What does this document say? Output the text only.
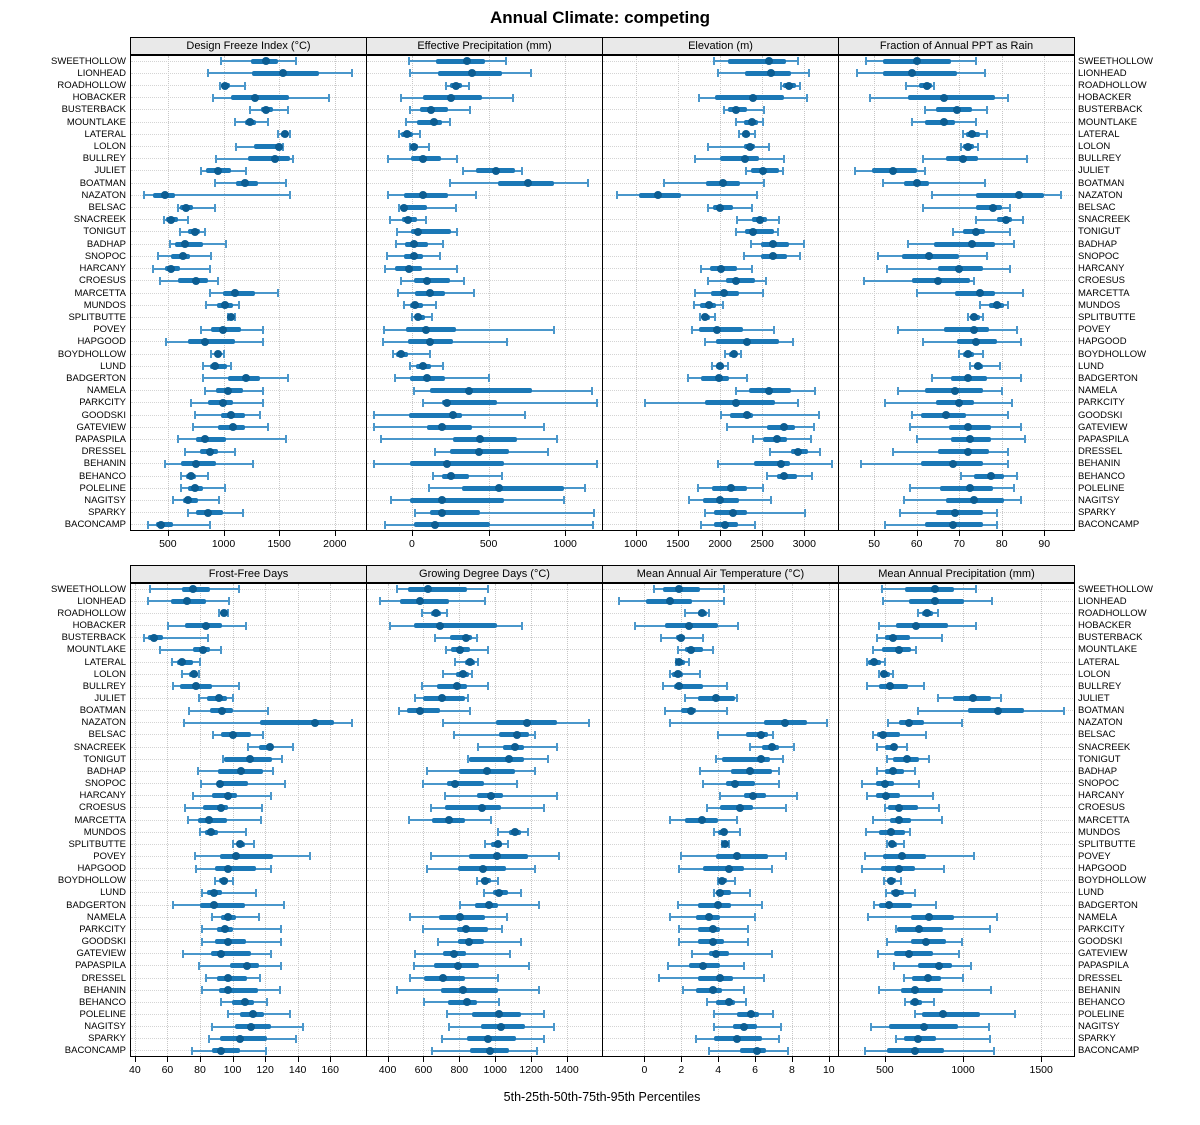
Annual Climate: competing
SWEETHOLLOW	SWEETHOLLOW
LIONHEAD	LIONHEAD
ROADHOLLOW	ROADHOLLOW
HOBACKER	HOBACKER
BUSTERBACK	BUSTERBACK
MOUNTLAKE	MOUNTLAKE
LATERAL	LATERAL
LOLON	LOLON
BULLREY	BULLREY
JULIET	JULIET
BOATMAN	BOATMAN
NAZATON	NAZATON
BELSAC	BELSAC
SNACREEK	SNACREEK
TONIGUT	TONIGUT
BADHAP	BADHAP
SNOPOC	SNOPOC
HARCANY	HARCANY
CROESUS	CROESUS
MARCETTA	MARCETTA
MUNDOS	MUNDOS
SPLITBUTTE	SPLITBUTTE
POVEY	POVEY
HAPGOOD	HAPGOOD
BOYDHOLLOW	BOYDHOLLOW
LUND	LUND
BADGERTON	BADGERTON
NAMELA	NAMELA
PARKCITY	PARKCITY
GOODSKI	GOODSKI
GATEVIEW	GATEVIEW
PAPASPILA	PAPASPILA
DRESSEL	DRESSEL
BEHANIN	BEHANIN
BEHANCO	BEHANCO
POLELINE	POLELINE
NAGITSY	NAGITSY
SPARKY	SPARKY
BACONCAMP	BACONCAMP
SWEETHOLLOW	SWEETHOLLOW
LIONHEAD	LIONHEAD
ROADHOLLOW	ROADHOLLOW
HOBACKER	HOBACKER
BUSTERBACK	BUSTERBACK
MOUNTLAKE	MOUNTLAKE
LATERAL	LATERAL
LOLON	LOLON
BULLREY	BULLREY
JULIET	JULIET
BOATMAN	BOATMAN
NAZATON	NAZATON
BELSAC	BELSAC
SNACREEK	SNACREEK
TONIGUT	TONIGUT
BADHAP	BADHAP
SNOPOC	SNOPOC
HARCANY	HARCANY
CROESUS	CROESUS
MARCETTA	MARCETTA
MUNDOS	MUNDOS
SPLITBUTTE	SPLITBUTTE
POVEY	POVEY
HAPGOOD	HAPGOOD
BOYDHOLLOW	BOYDHOLLOW
LUND	LUND
BADGERTON	BADGERTON
NAMELA	NAMELA
PARKCITY	PARKCITY
GOODSKI	GOODSKI
GATEVIEW	GATEVIEW
PAPASPILA	PAPASPILA
DRESSEL	DRESSEL
BEHANIN	BEHANIN
BEHANCO	BEHANCO
POLELINE	POLELINE
NAGITSY	NAGITSY
SPARKY	SPARKY
BACONCAMP	BACONCAMP
Design Freeze Index (°C)
500	1000	1500	2000
Effective Precipitation (mm)
0	500	1000
Elevation (m)
1000	1500	2000	2500	3000
Fraction of Annual PPT as Rain
50	60	70	80	90
Frost-Free Days
40	60	80	100	120	140	160
Growing Degree Days (°C)
400	600	800	1000	1200	1400
Mean Annual Air Temperature (°C)
0	2	4	6	8	10
Mean Annual Precipitation (mm)
500	1000	1500
5th-25th-50th-75th-95th Percentiles
